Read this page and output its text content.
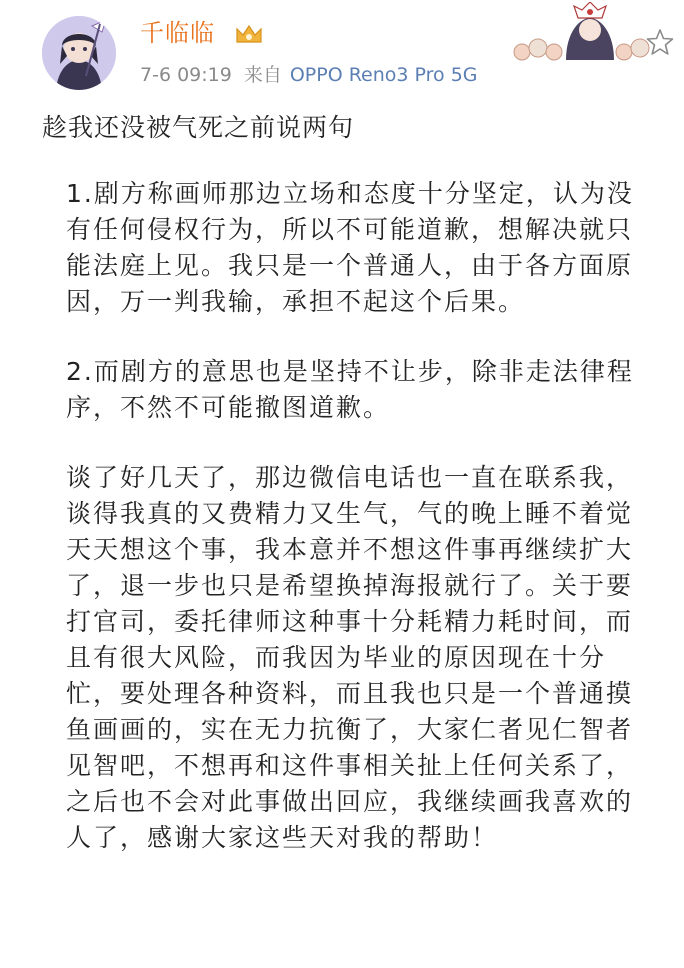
千临临
7-6 09:19 来自 OPPO Reno3 Pro 5G

趁我还没被气死之前说两句

1.剧方称画师那边立场和态度十分坚定，认为没有任何侵权行为，所以不可能道歉，想解决就只能法庭上见。我只是一个普通人，由于各方面原因，万一判我输，承担不起这个后果。

2.而剧方的意思也是坚持不让步，除非走法律程序，不然不可能撤图道歉。

谈了好几天了，那边微信电话也一直在联系我，谈得我真的又费精力又生气，气的晚上睡不着觉天天想这个事，我本意并不想这件事再继续扩大了，退一步也只是希望换掉海报就行了。关于要打官司，委托律师这种事十分耗精力耗时间，而且有很大风险，而我因为毕业的原因现在十分忙，要处理各种资料，而且我也只是一个普通摸鱼画画的，实在无力抗衡了，大家仁者见仁智者见智吧，不想再和这件事相关扯上任何关系了，之后也不会对此事做出回应，我继续画我喜欢的人了，感谢大家这些天对我的帮助！
